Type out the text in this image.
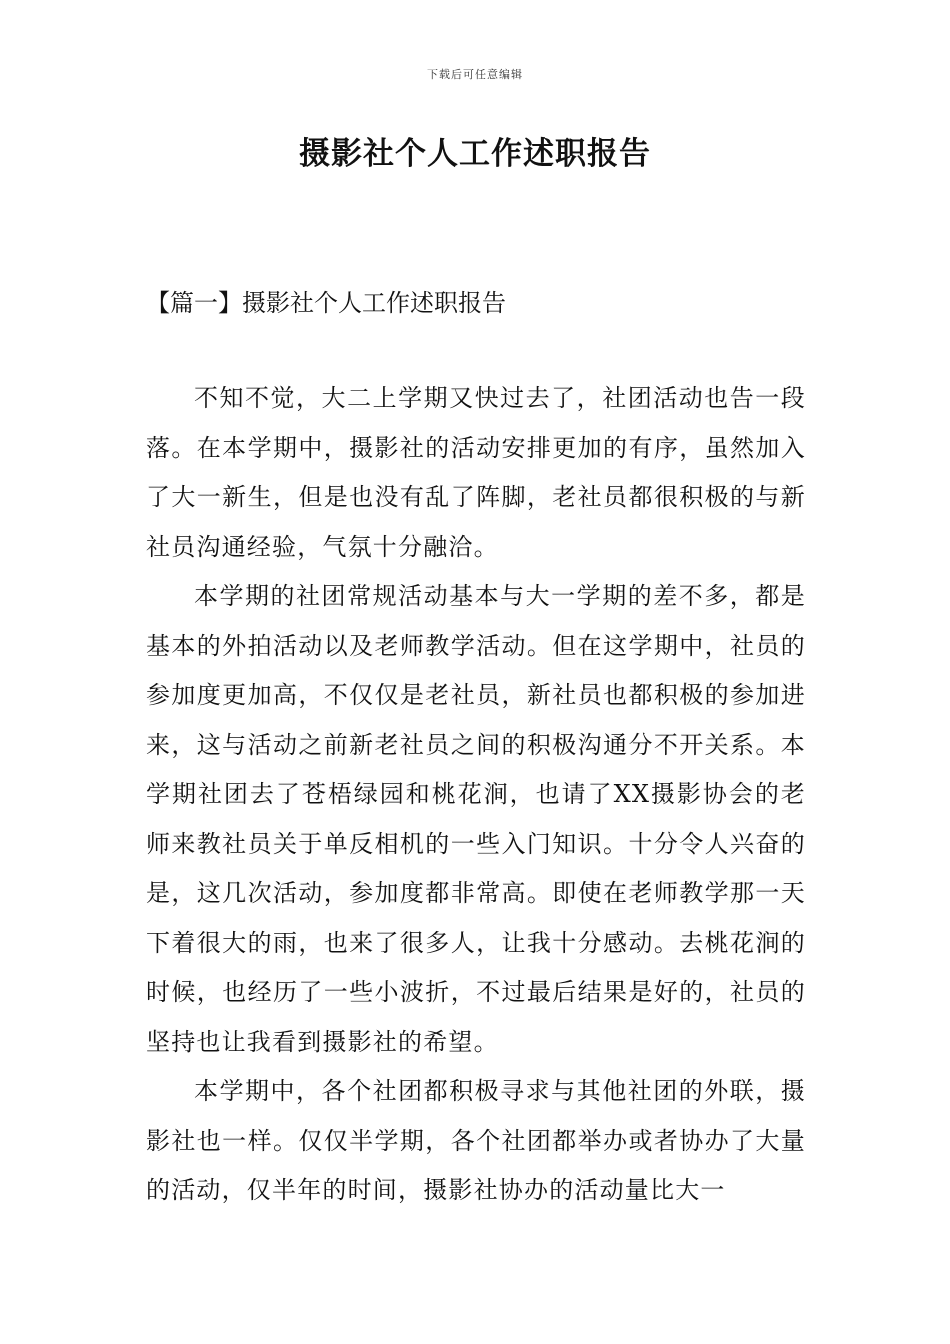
下载后可任意编辑
摄影社个人工作述职报告
【篇一】摄影社个人工作述职报告

不知不觉，大二上学期又快过去了，社团活动也告一段落。在本学期中，摄影社的活动安排更加的有序，虽然加入了大一新生，但是也没有乱了阵脚，老社员都很积极的与新社员沟通经验，气氛十分融洽。

本学期的社团常规活动基本与大一学期的差不多，都是基本的外拍活动以及老师教学活动。但在这学期中，社员的参加度更加高，不仅仅是老社员，新社员也都积极的参加进来，这与活动之前新老社员之间的积极沟通分不开关系。本学期社团去了苍梧绿园和桃花涧，也请了XX摄影协会的老师来教社员关于单反相机的一些入门知识。十分令人兴奋的是，这几次活动，参加度都非常高。即使在老师教学那一天下着很大的雨，也来了很多人，让我十分感动。去桃花涧的时候，也经历了一些小波折，不过最后结果是好的，社员的坚持也让我看到摄影社的希望。

本学期中，各个社团都积极寻求与其他社团的外联，摄影社也一样。仅仅半学期，各个社团都举办或者协办了大量的活动，仅半年的时间，摄影社协办的活动量比大一
